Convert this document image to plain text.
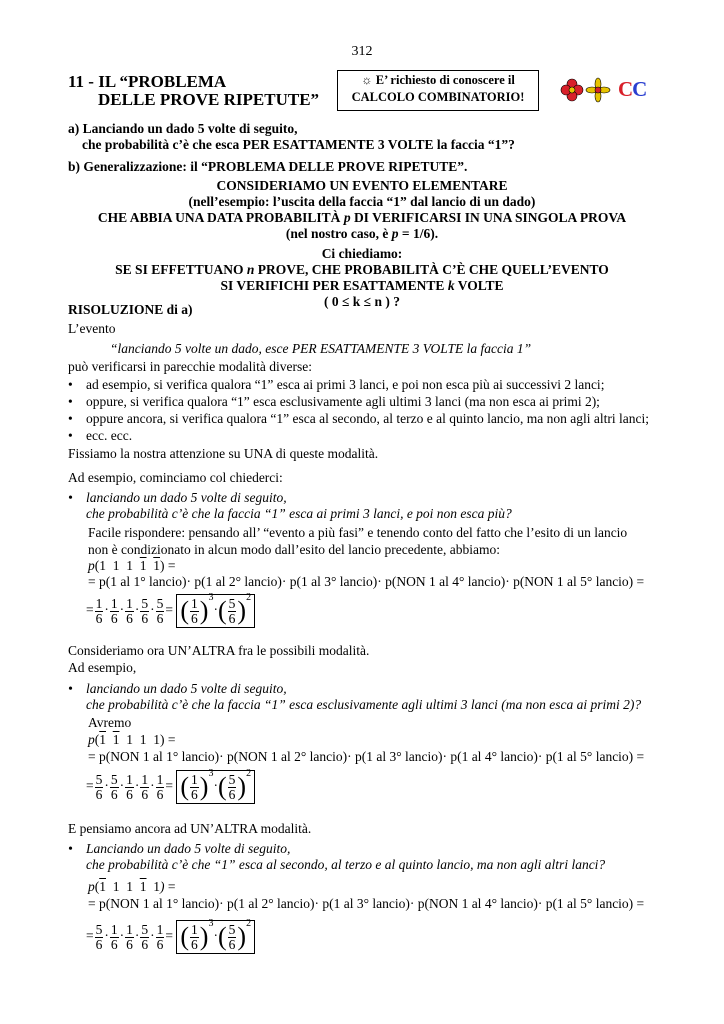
312
11 - IL “PROBLEMA
DELLE PROVE RIPETUTE”
☼ E’ richiesto di conoscere il
CALCOLO COMBINATORIO!	CC
a) Lanciando un dado 5 volte di seguito,
che probabilità c’è che esca PER ESATTAMENTE 3 VOLTE la faccia “1”?
b) Generalizzazione: il “PROBLEMA DELLE PROVE RIPETUTE”.
CONSIDERIAMO UN EVENTO ELEMENTARE
(nell’esempio: l’uscita della faccia “1” dal lancio di un dado)
CHE ABBIA UNA DATA PROBABILITÀ p DI VERIFICARSI IN UNA SINGOLA PROVA
(nel nostro caso, è p = 1/6).
Ci chiediamo:
SE SI EFFETTUANO n PROVE, CHE PROBABILITÀ C’È CHE QUELL’EVENTO
SI VERIFICHI PER ESATTAMENTE k VOLTE
( 0 ≤ k ≤ n ) ?
RISOLUZIONE di a)
L’evento
“lanciando 5 volte un dado, esce PER ESATTAMENTE 3 VOLTE la faccia 1”
può verificarsi in parecchie modalità diverse:
• ad esempio, si verifica qualora “1” esca ai primi 3 lanci, e poi non esca più ai successivi 2 lanci;
• oppure, si verifica qualora “1” esca esclusivamente agli ultimi 3 lanci (ma non esca ai primi 2);
• oppure ancora, si verifica qualora “1” esca al secondo, al terzo e al quinto lancio, ma non agli altri lanci;
• ecc. ecc.
Fissiamo la nostra attenzione su UNA di queste modalità.
Ad esempio, cominciamo col chiederci:
• lanciando un dado 5 volte di seguito,
che probabilità c’è che la faccia “1” esca ai primi 3 lanci, e poi non esca più?
Facile rispondere: pensando all’ “evento a più fasi” e tenendo conto del fatto che l’esito di un lancio
non è condizionato in alcun modo dall’esito del lancio precedente, abbiamo:
p(1  1  1  1 1) =
= p(1 al 1° lancio)· p(1 al 2° lancio)· p(1 al 3° lancio)· p(NON 1 al 4° lancio)· p(NON 1 al 5° lancio) =
= $\frac{1}{6} \cdot \frac{1}{6} \cdot \frac{1}{6} \cdot \frac{5}{6} \cdot \frac{5}{6}$ = ( $\frac{1}{6} )^3\cdot( \frac{5}{6} )^2$
Consideriamo ora UN’ALTRA fra le possibili modalità.
Ad esempio,
• lanciando un dado 5 volte di seguito,
che probabilità c’è che la faccia “1” esca esclusivamente agli ultimi 3 lanci (ma non esca ai primi 2)?
Avremo
p(1 1  1  1  1) =
= p(NON 1 al 1° lancio)· p(NON 1 al 2° lancio)· p(1 al 3° lancio)· p(1 al 4° lancio)· p(1 al 5° lancio) =
= $\frac{5}{6} \cdot \frac{5}{6} \cdot \frac{1}{6} \cdot \frac{1}{6} \cdot \frac{1}{6}$ = ( $\frac{1}{6} )^3\cdot( \frac{5}{6} )^2$
E pensiamo ancora ad UN’ALTRA modalità.
• Lanciando un dado 5 volte di seguito,
che probabilità c’è che “1” esca al secondo, al terzo e al quinto lancio, ma non agli altri lanci?
p(1  1  1  1  1) =
= p(NON 1 al 1° lancio)· p(1 al 2° lancio)· p(1 al 3° lancio)· p(NON 1 al 4° lancio)· p(1 al 5° lancio) =
= $\frac{5}{6} \cdot \frac{1}{6} \cdot \frac{1}{6} \cdot \frac{5}{6} \cdot \frac{1}{6}$ = ( $\frac{1}{6} )^3\cdot( \frac{5}{6} )^2$
